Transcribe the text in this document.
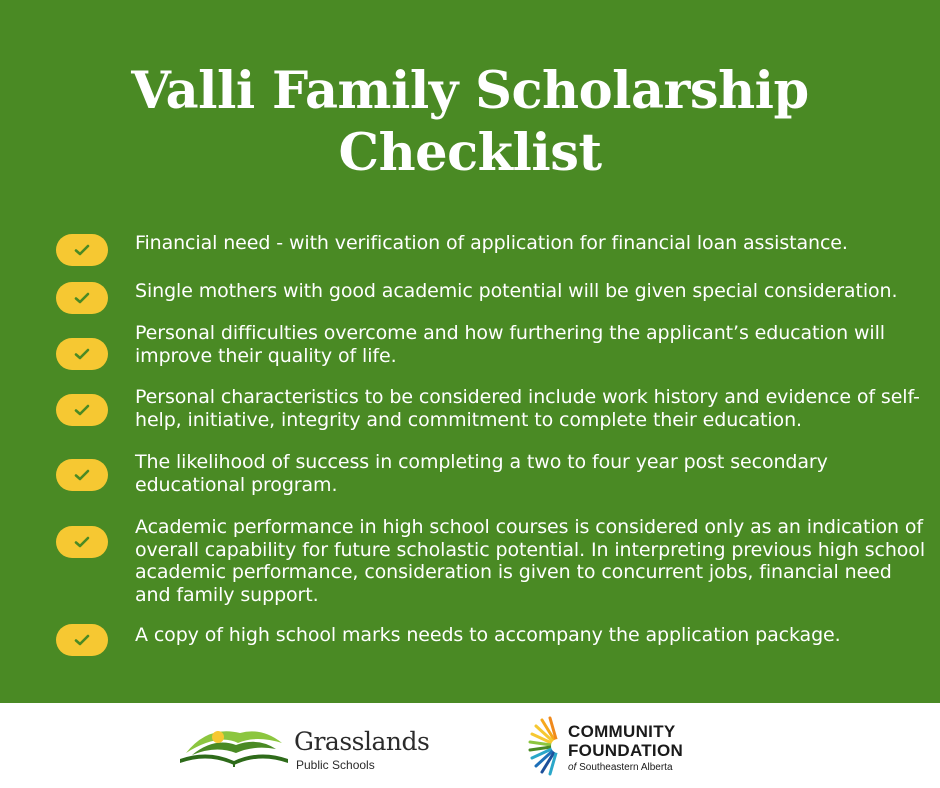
Valli Family Scholarship
Checklist
Financial need - with verification of application for financial loan assistance.
Single mothers with good academic potential will be given special consideration.
Personal difficulties overcome and how furthering the applicant’s education will improve their quality of life.
Personal characteristics to be considered include work history and evidence of self-help, initiative, integrity and commitment to complete their education.
The likelihood of success in completing a two to four year post secondary educational program.
Academic performance in high school courses is considered only as an indication of overall capability for future scholastic potential. In interpreting previous high school academic performance, consideration is given to concurrent jobs, financial need and family support.
A copy of high school marks needs to accompany the application package.
Grasslands
Public Schools
COMMUNITY
FOUNDATION
of Southeastern Alberta
